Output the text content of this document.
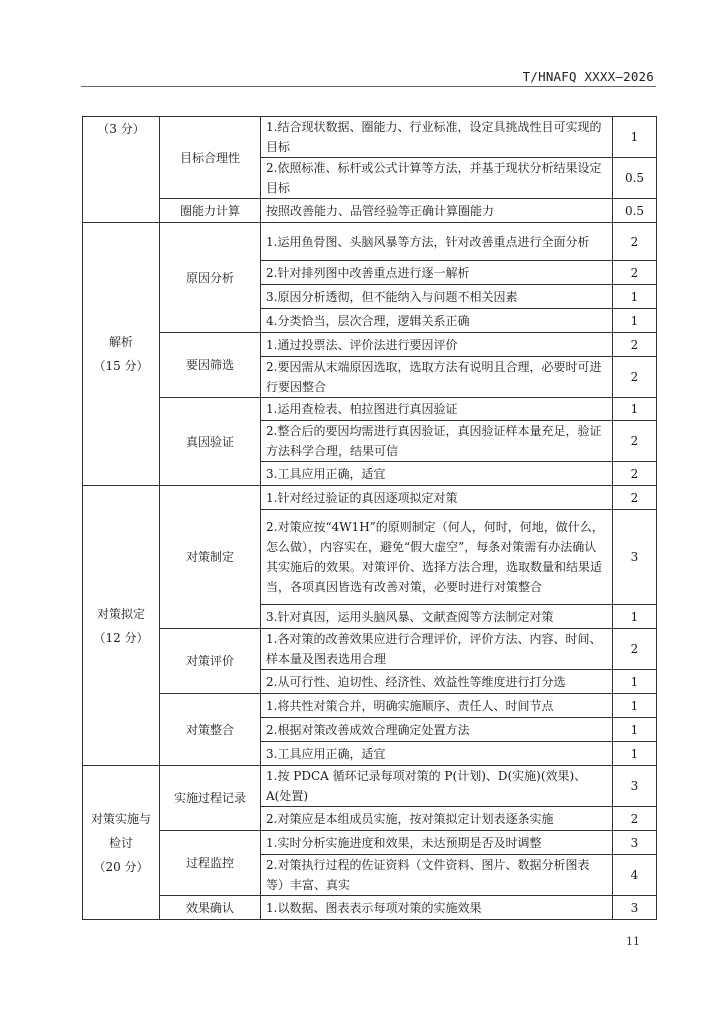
T/HNAFQ XXXX—2026
（3 分）	目标合理性	1.结合现状数据、圈能力、行业标准，设定具挑战性目可实现的目标	1
		2.依照标准、标杆或公式计算等方法，并基于现状分析结果设定目标	0.5
	圈能力计算	按照改善能力、品管经验等正确计算圈能力	0.5

解析
（15 分）	原因分析	1.运用鱼骨图、头脑风暴等方法，针对改善重点进行全面分析	2
		2.针对排列图中改善重点进行逐一解析	2
		3.原因分析透彻，但不能纳入与问题不相关因素	1
		4.分类恰当，层次合理，逻辑关系正确	1
	要因筛选	1.通过投票法、评价法进行要因评价	2
		2.要因需从末端原因选取，选取方法有说明且合理，必要时可进行要因整合	2
	真因验证	1.运用查检表、柏拉图进行真因验证	1
		2.整合后的要因均需进行真因验证，真因验证样本量充足，验证方法科学合理，结果可信	2
		3.工具应用正确，适宜	2

对策拟定
（12 分）	对策制定	1.针对经过验证的真因逐项拟定对策	2
		2.对策应按“4W1H”的原则制定（何人，何时，何地，做什么，怎么做），内容实在，避免“假大虚空”，每条对策需有办法确认其实施后的效果。对策评价、选择方法合理，选取数量和结果适当，各项真因皆选有改善对策，必要时进行对策整合	3
		3.针对真因，运用头脑风暴、文献查阅等方法制定对策	1
	对策评价	1.各对策的改善效果应进行合理评价，评价方法、内容、时间、样本量及图表选用合理	2
		2.从可行性、迫切性、经济性、效益性等维度进行打分选	1
	对策整合	1.将共性对策合并，明确实施顺序、责任人、时间节点	1
		2.根据对策改善成效合理确定处置方法	1
		3.工具应用正确，适宜	1

对策实施与检讨
（20 分）	实施过程记录	1.按 PDCA 循环记录每项对策的 P(计划)、D(实施)(效果)、A(处置)	3
		2.对策应是本组成员实施，按对策拟定计划表逐条实施	2
	过程监控	1.实时分析实施进度和效果，未达预期是否及时调整	3
		2.对策执行过程的佐证资料（文件资料、图片、数据分析图表等）丰富、真实	4
	效果确认	1.以数据、图表表示每项对策的实施效果	3
11
